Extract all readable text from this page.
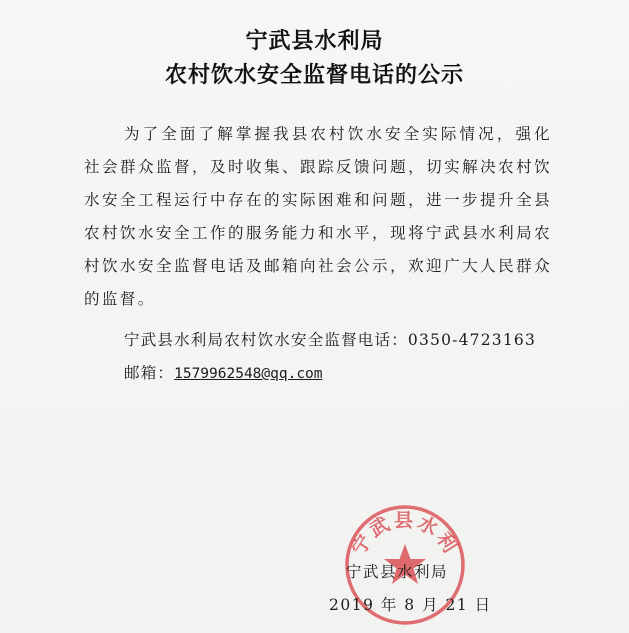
宁武县水利局
农村饮水安全监督电话的公示
为了全面了解掌握我县农村饮水安全实际情况，强化社会群众监督，及时收集、跟踪反馈问题，切实解决农村饮水安全工程运行中存在的实际困难和问题，进一步提升全县农村饮水安全工作的服务能力和水平，现将宁武县水利局农村饮水安全监督电话及邮箱向社会公示，欢迎广大人民群众的监督。
宁武县水利局农村饮水安全监督电话：0350-4723163
邮箱：1579962548@qq.com
宁武县水利
宁武县水利局
2019 年 8 月 21 日
